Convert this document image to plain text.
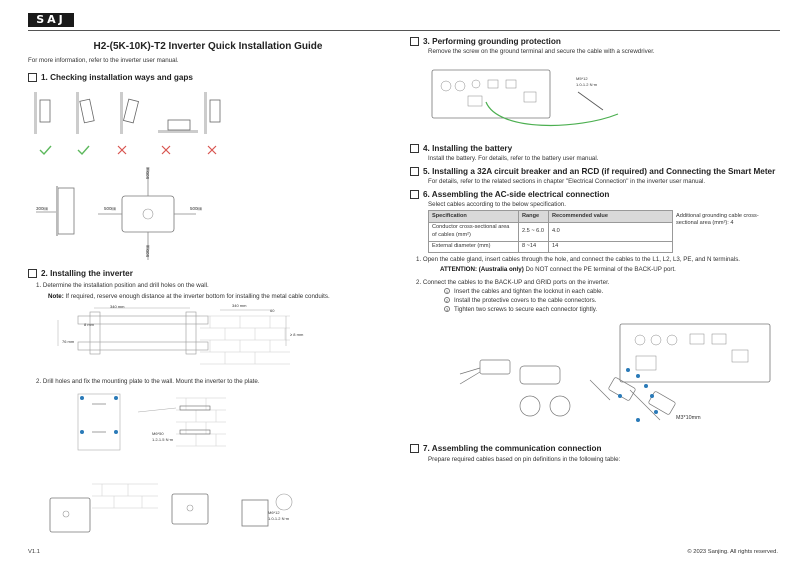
SAJ
H2-(5K-10K)-T2 Inverter Quick Installation Guide
For more information, refer to the inverter user manual.
1. Checking installation ways and gaps
300㎜	500㎜	500㎜
500㎜
500㎜
2. Installing the inverter
1. Determine the installation position and drill holes on the wall.
Note: If required, reserve enough distance at the inverter bottom for installing the metal cable conduits.
340 mm
76 mm
8 mm
340 mm
60
≥ 8 mm
2. Drill holes and fix the mounting plate to the wall. Mount the inverter to the plate.
M6*50
1.2-1.5 N·m
M6*12
1.0-1.2 N·m
V1.1
3. Performing grounding protection
Remove the screw on the ground terminal and secure the cable with a screwdriver.
M5*12
1.0-1.2 N·m
4. Installing the battery
Install the battery. For details, refer to the battery user manual.
5. Installing a 32A circuit breaker and an RCD (if required) and Connecting the Smart Meter
For details, refer to the related sections in chapter "Electrical Connection" in the inverter user manual.
6. Assembling the AC-side electrical connection
Select cables according to the below specification.
Specification	Range	Recommended value	Additional grounding cable cross-sectional area (mm²): 4
Conductor cross-sectional area of cables (mm²)	2.5 ~ 6.0	4.0	
External diameter (mm)	8 ~14	14	
1. Open the cable gland, insert cables through the hole, and connect the cables to the L1, L2, L3, PE, and N terminals.
ATTENTION: (Australia only) Do NOT connect the PE terminal of the BACK-UP port.
2. Connect the cables to the BACK-UP and GRID ports on the inverter.
1 Insert the cables and tighten the locknut in each cable.
2 Install the protective covers to the cable connectors.
3 Tighten two screws to secure each connector tightly.
M3*10mm
7. Assembling the communication connection
Prepare required cables based on pin definitions in the following table:
© 2023 Sanjing. All rights reserved.
